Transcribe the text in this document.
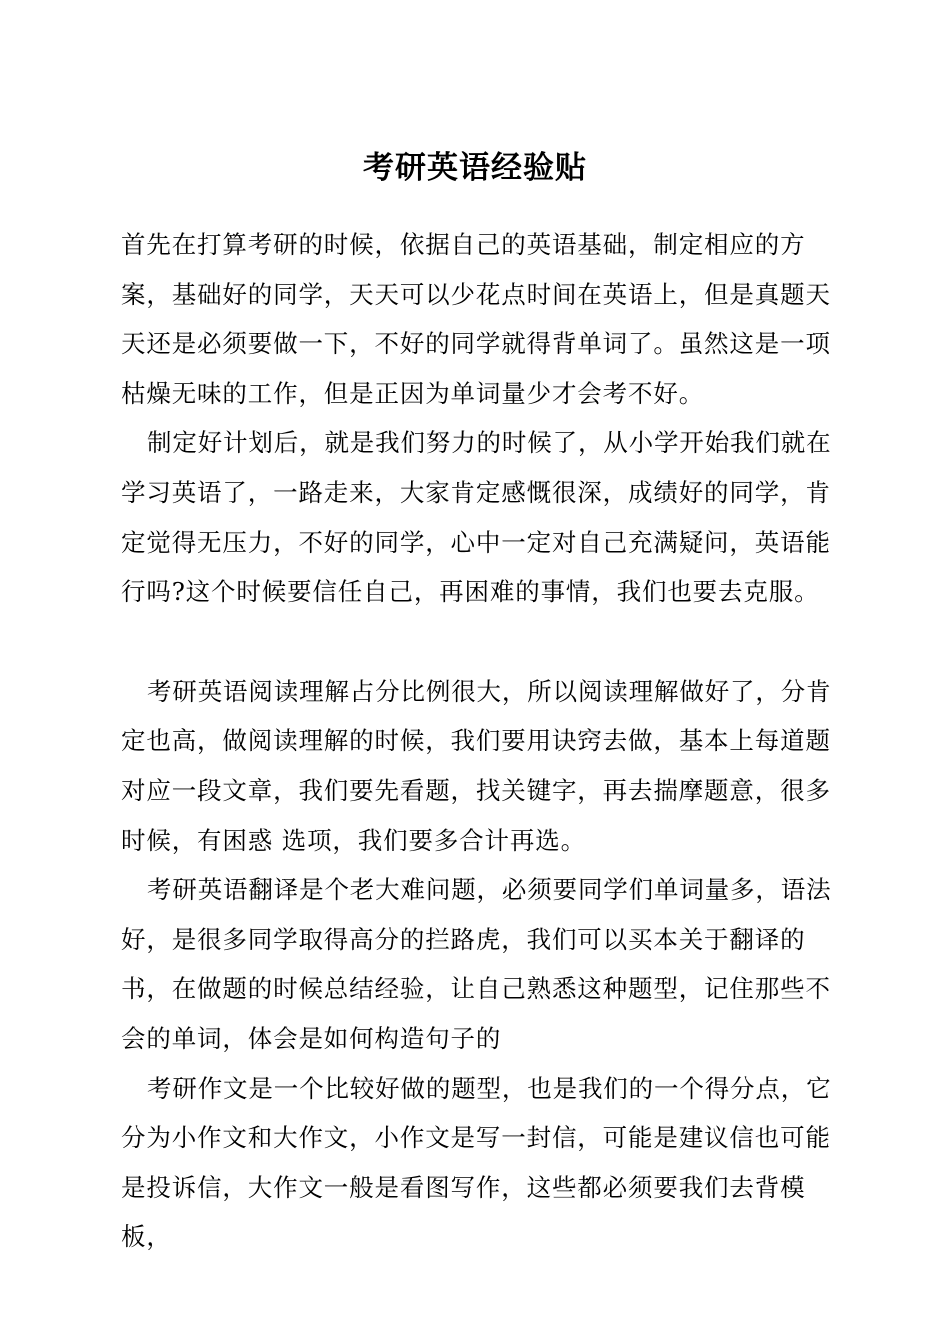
考研英语经验贴

首先在打算考研的时候，依据自己的英语基础，制定相应的方案，基础好的同学，天天可以少花点时间在英语上，但是真题天天还是必须要做一下，不好的同学就得背单词了。虽然这是一项枯燥无味的工作，但是正因为单词量少才会考不好。

制定好计划后，就是我们努力的时候了，从小学开始我们就在学习英语了，一路走来，大家肯定感慨很深，成绩好的同学，肯定觉得无压力，不好的同学，心中一定对自己充满疑问，英语能行吗?这个时候要信任自己，再困难的事情，我们也要去克服。

考研英语阅读理解占分比例很大，所以阅读理解做好了，分肯定也高，做阅读理解的时候，我们要用诀窍去做，基本上每道题对应一段文章，我们要先看题，找关键字，再去揣摩题意，很多时候，有困惑 选项，我们要多合计再选。

考研英语翻译是个老大难问题，必须要同学们单词量多，语法好，是很多同学取得高分的拦路虎，我们可以买本关于翻译的书，在做题的时候总结经验，让自己熟悉这种题型，记住那些不会的单词，体会是如何构造句子的

考研作文是一个比较好做的题型，也是我们的一个得分点，它分为小作文和大作文，小作文是写一封信，可能是建议信也可能是投诉信，大作文一般是看图写作，这些都必须要我们去背模板，
